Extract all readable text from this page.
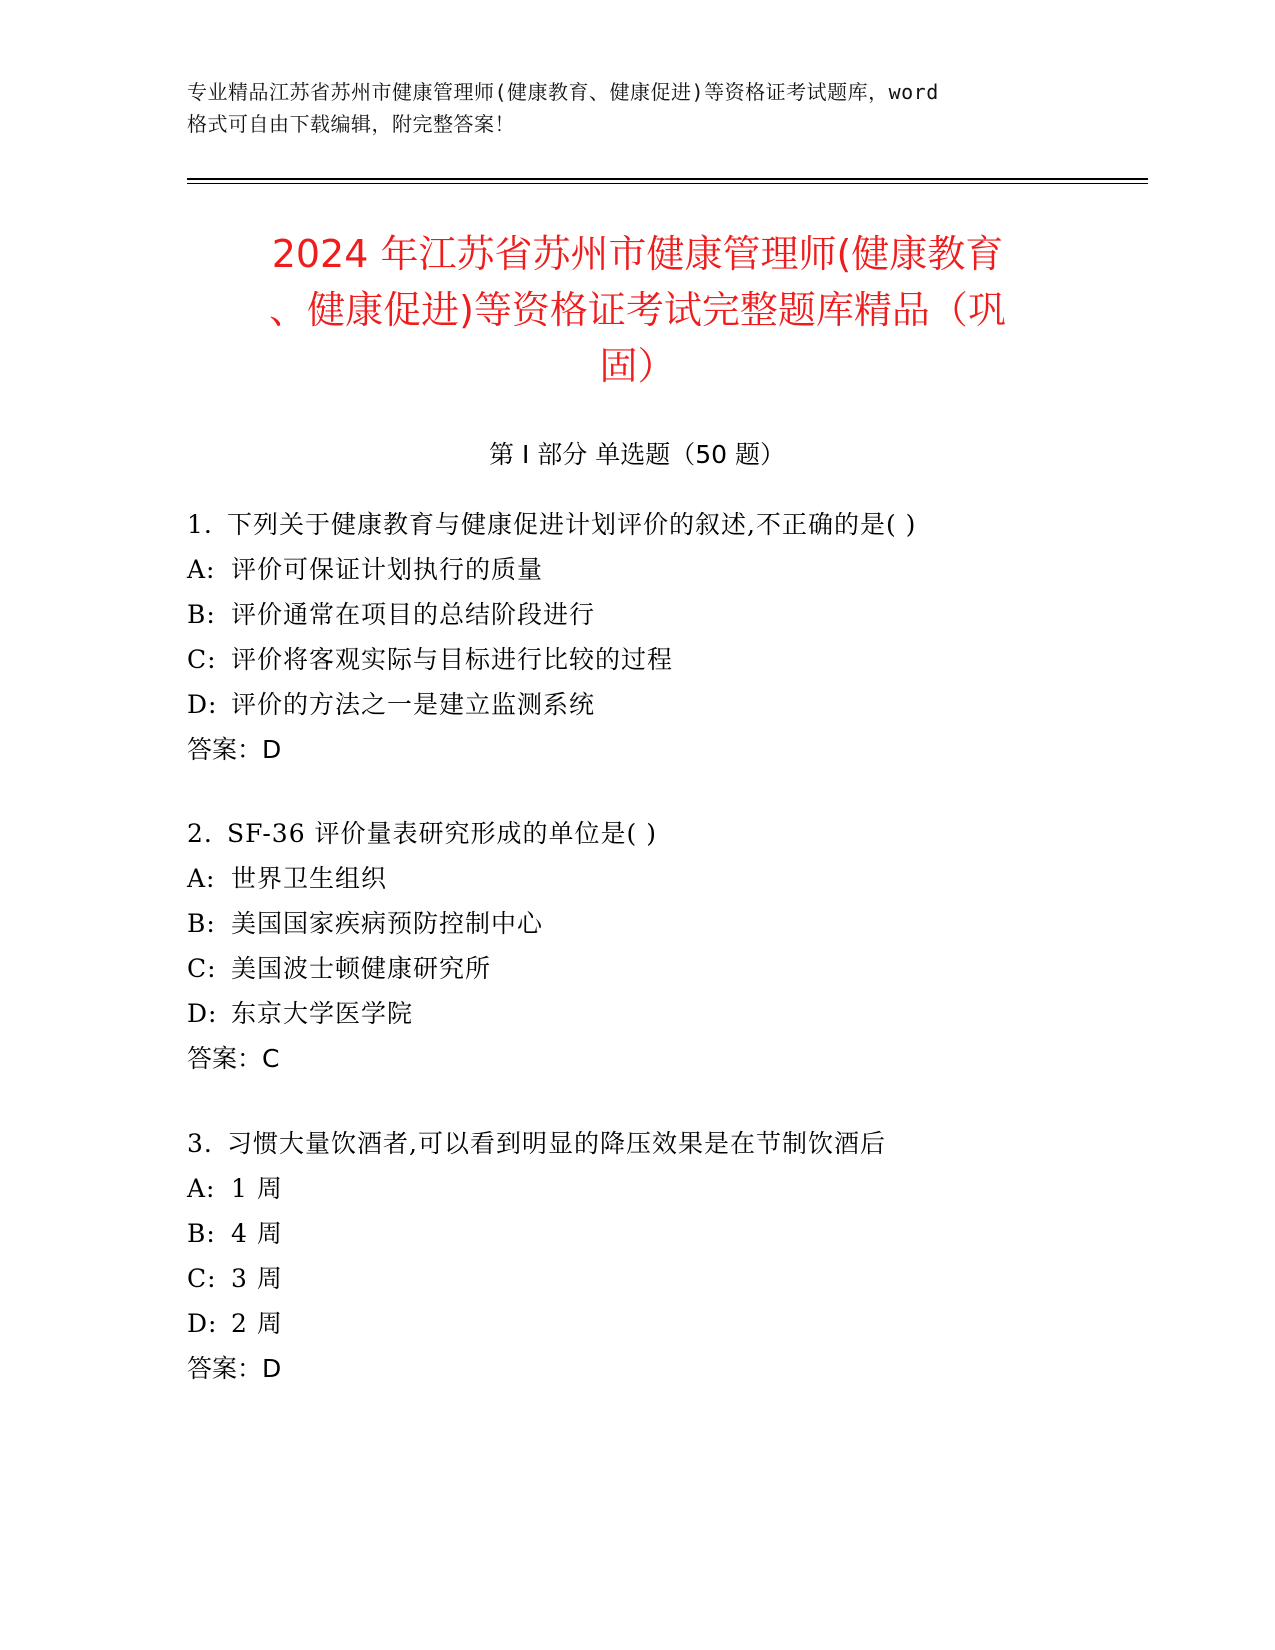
专业精品江苏省苏州市健康管理师(健康教育、健康促进)等资格证考试题库，word
格式可自由下载编辑，附完整答案！
2024 年江苏省苏州市健康管理师(健康教育
、健康促进)等资格证考试完整题库精品（巩
固）
第 I 部分 单选题（50 题）
1. 下列关于健康教育与健康促进计划评价的叙述,不正确的是( )
A: 评价可保证计划执行的质量
B: 评价通常在项目的总结阶段进行
C: 评价将客观实际与目标进行比较的过程
D: 评价的方法之一是建立监测系统
答案：D
2. SF-36 评价量表研究形成的单位是( )
A: 世界卫生组织
B: 美国国家疾病预防控制中心
C: 美国波士顿健康研究所
D: 东京大学医学院
答案：C
3. 习惯大量饮酒者,可以看到明显的降压效果是在节制饮酒后
A: 1 周
B: 4 周
C: 3 周
D: 2 周
答案：D
